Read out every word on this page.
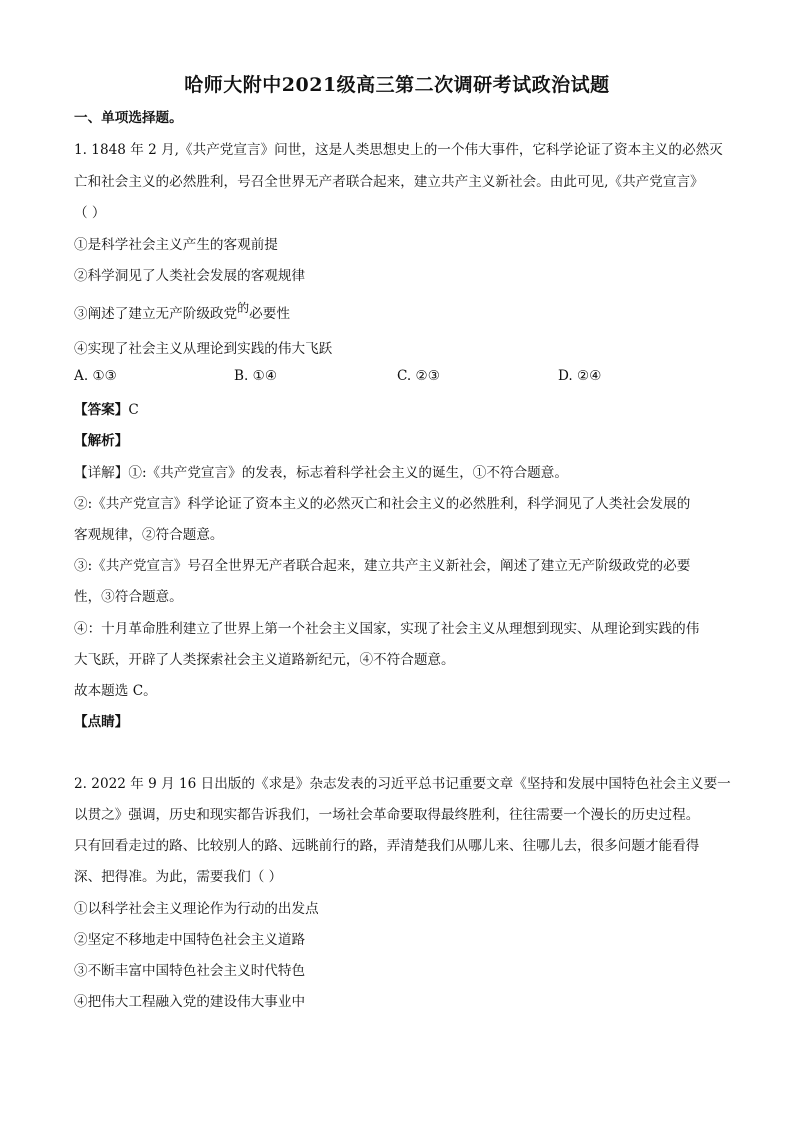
哈师大附中2021级高三第二次调研考试政治试题
一、单项选择题。
1. 1848 年 2 月,《共产党宣言》问世，这是人类思想史上的一个伟大事件，它科学论证了资本主义的必然灭
亡和社会主义的必然胜利，号召全世界无产者联合起来，建立共产主义新社会。由此可见,《共产党宣言》
（ ）
①是科学社会主义产生的客观前提
②科学洞见了人类社会发展的客观规律
③阐述了建立无产阶级政党的必要性
④实现了社会主义从理论到实践的伟大飞跃
A. ①③	B. ①④	C. ②③	D. ②④
【答案】C
【解析】
【详解】①:《共产党宣言》的发表，标志着科学社会主义的诞生，①不符合题意。
②:《共产党宣言》科学论证了资本主义的必然灭亡和社会主义的必然胜利，科学洞见了人类社会发展的
客观规律，②符合题意。
③:《共产党宣言》号召全世界无产者联合起来，建立共产主义新社会，阐述了建立无产阶级政党的必要
性，③符合题意。
④：十月革命胜利建立了世界上第一个社会主义国家，实现了社会主义从理想到现实、从理论到实践的伟
大飞跃，开辟了人类探索社会主义道路新纪元，④不符合题意。
故本题选 C。
【点睛】
2. 2022 年 9 月 16 日出版的《求是》杂志发表的习近平总书记重要文章《坚持和发展中国特色社会主义要一
以贯之》强调，历史和现实都告诉我们，一场社会革命要取得最终胜利，往往需要一个漫长的历史过程。
只有回看走过的路、比较别人的路、远眺前行的路，弄清楚我们从哪儿来、往哪儿去，很多问题才能看得
深、把得准。为此，需要我们（ ）
①以科学社会主义理论作为行动的出发点
②坚定不移地走中国特色社会主义道路
③不断丰富中国特色社会主义时代特色
④把伟大工程融入党的建设伟大事业中
